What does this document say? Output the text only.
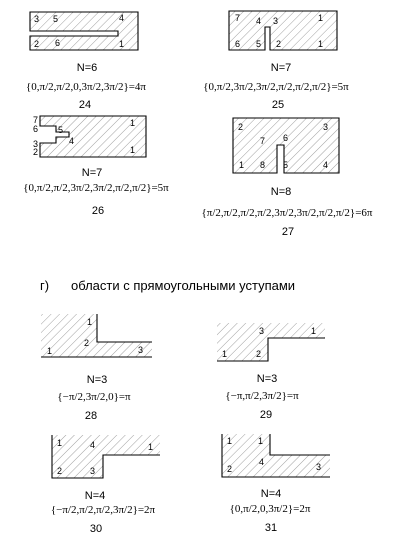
3 5	4
2 6	1
N=6
{0,π/2,π/2,0,3π/2,3π/2}=4π
24
7 4 3	1
6 5 2	1
N=7
{0,π/2,3π/2,3π/2,π/2,π/2,π/2}=5π
25
7
6 5
3	4
2
1
1
N=7
{0,π/2,π/2,3π/2,3π/2,π/2,π/2}=5π
26
2	3
7 6
1 8 5	4
N=8
{π/2,π/2,π/2,π/2,3π/2,3π/2,π/2,π/2}=6π
27
г) области с прямоугольными уступами
1
2
1	3
N=3
{−π/2,3π/2,0}=π
28
3	1
1	2
N=3
{−π,π/2,3π/2}=π
29
1	4	1
2	3
N=4
{−π/2,π/2,π/2,3π/2}=2π
30
1	1
4
2	3
N=4
{0,π/2,0,3π/2}=2π
31
